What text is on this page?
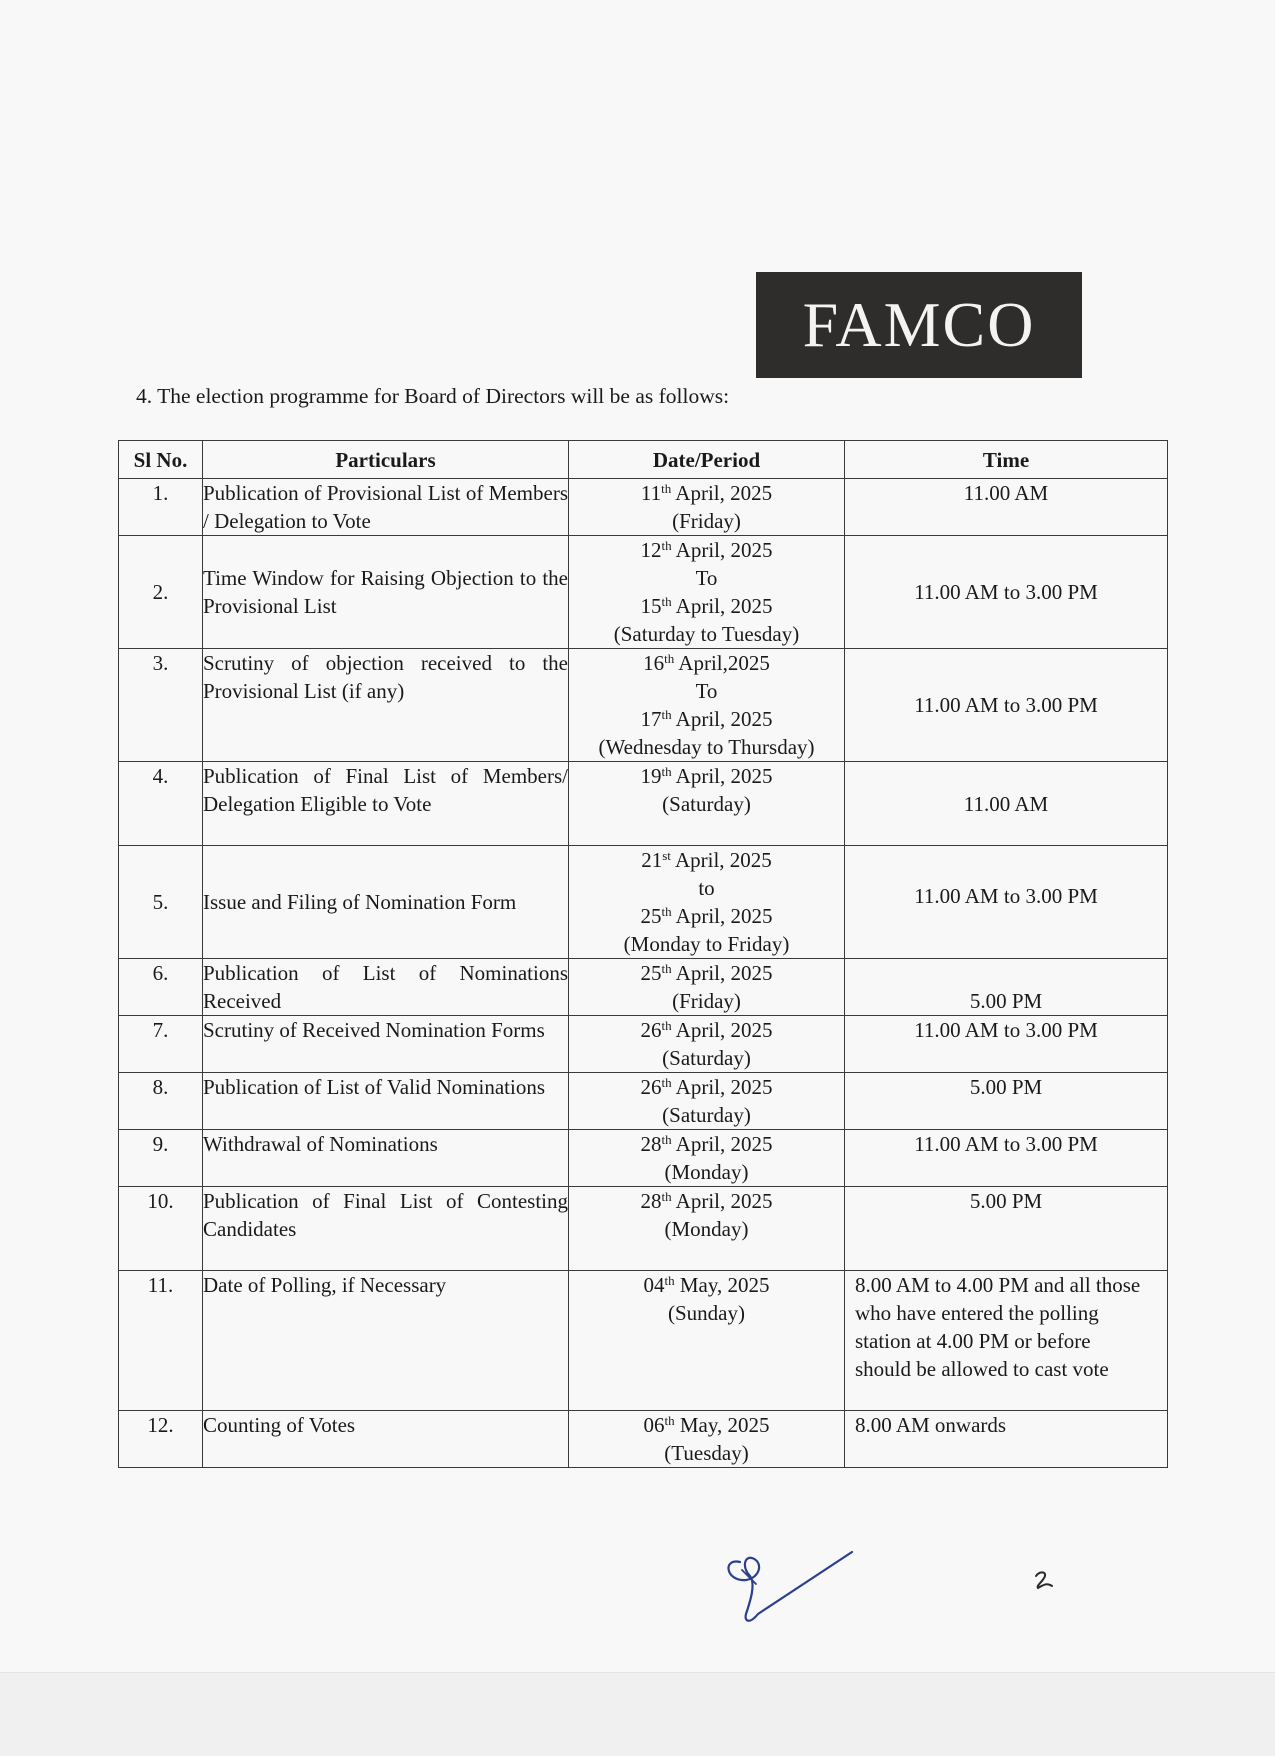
FAMCO
4. The election programme for Board of Directors will be as follows:
Sl No.	Particulars	Date/Period	Time
1.	Publication of Provisional List of Members / Delegation to Vote	11th April, 2025
(Friday)	11.00 AM

2.	Time Window for Raising Objection to the Provisional List	12th April, 2025
To
15th April, 2025
(Saturday to Tuesday)	11.00 AM to 3.00 PM

3.	Scrutiny of objection received to the Provisional List (if any)	16th April,2025
To
17th April, 2025
(Wednesday to Thursday)	11.00 AM to 3.00 PM

4.	Publication of Final List of Members/ Delegation Eligible to Vote	19th April, 2025
(Saturday)	11.00 AM

5.	Issue and Filing of Nomination Form	21st April, 2025
to
25th April, 2025
(Monday to Friday)	11.00 AM to 3.00 PM

6.	Publication of List of Nominations Received	25th April, 2025
(Friday)	5.00 PM

7.	Scrutiny of Received Nomination Forms	26th April, 2025
(Saturday)	11.00 AM to 3.00 PM

8.	Publication of List of Valid Nominations	26th April, 2025
(Saturday)	5.00 PM

9.	Withdrawal of Nominations	28th April, 2025
(Monday)	11.00 AM to 3.00 PM

10.	Publication of Final List of Contesting Candidates	28th April, 2025
(Monday)	5.00 PM

11.	Date of Polling, if Necessary	04th May, 2025
(Sunday)	8.00 AM to 4.00 PM and all those who have entered the polling station at 4.00 PM or before should be allowed to cast vote

12.	Counting of Votes	06th May, 2025
(Tuesday)	8.00 AM onwards
